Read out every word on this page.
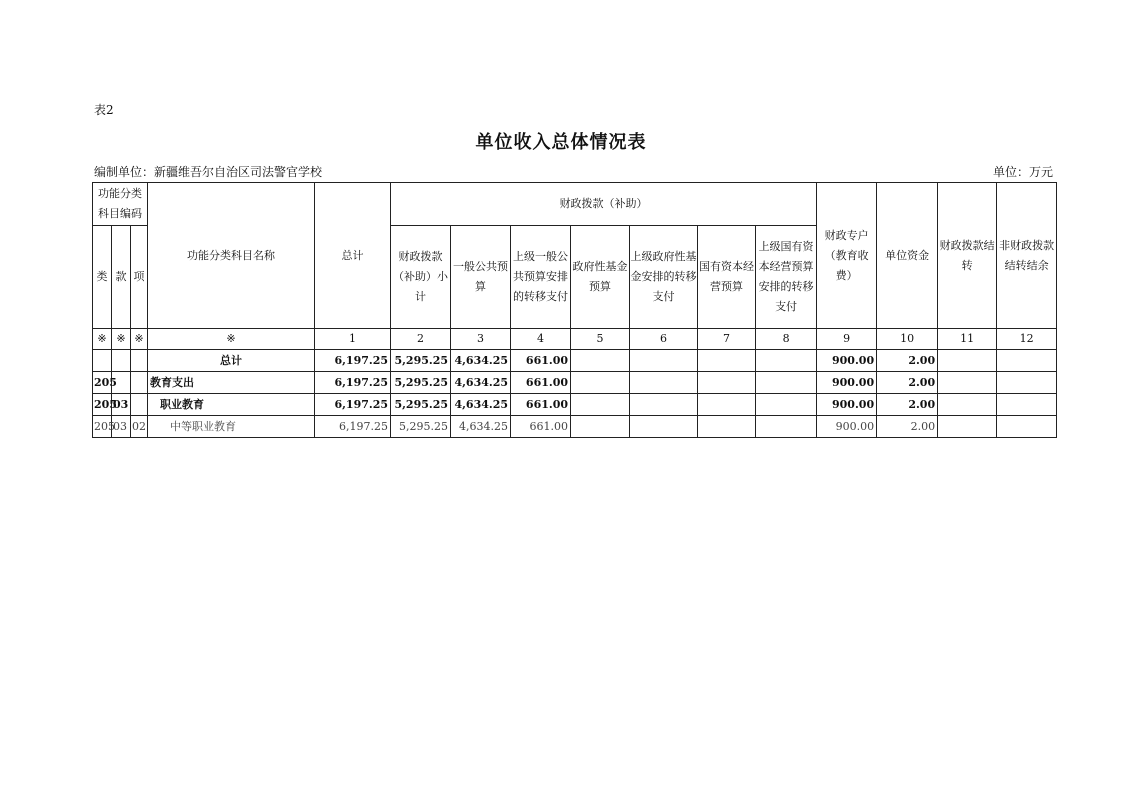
表2
单位收入总体情况表
编制单位：新疆维吾尔自治区司法警官学校	单位：万元
功能分类科目编码			功能分类科目名称	总计	财政拨款（补助）							财政专户（教育收费）	单位资金	财政拨款结转	非财政拨款结转结余
类	款	项			财政拨款（补助）小计	一般公共预算	上级一般公共预算安排的转移支付	政府性基金预算	上级政府性基金安排的转移支付	国有资本经营预算	上级国有资本经营预算安排的转移支付				
※	※	※	※	1	2	3	4	5	6	7	8	9	10	11	12
			总计	6,197.25	5,295.25	4,634.25	661.00					900.00	2.00		
205			教育支出	6,197.25	5,295.25	4,634.25	661.00					900.00	2.00		
205	03		职业教育	6,197.25	5,295.25	4,634.25	661.00					900.00	2.00		
205	03	02	中等职业教育	6,197.25	5,295.25	4,634.25	661.00					900.00	2.00		
